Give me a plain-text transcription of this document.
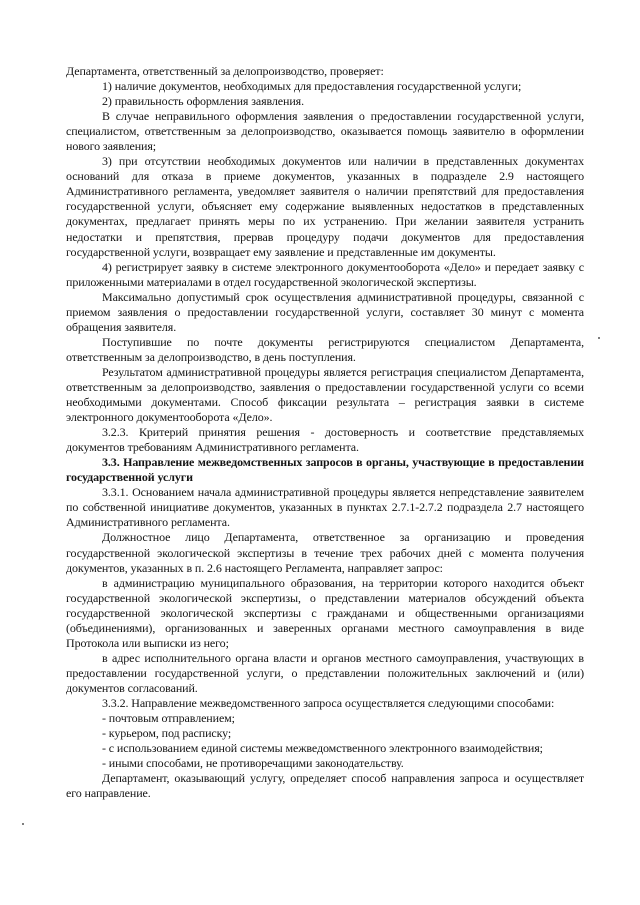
Департамента, ответственный за делопроизводство, проверяет:

1) наличие документов, необходимых для предоставления государственной услуги;

2) правильность оформления заявления.

В случае неправильного оформления заявления о предоставлении государственной услуги, специалистом, ответственным за делопроизводство, оказывается помощь заявителю в оформлении нового заявления;

3) при отсутствии необходимых документов или наличии в представленных документах оснований для отказа в приеме документов, указанных в подразделе 2.9 настоящего Административного регламента, уведомляет заявителя о наличии препятствий для предоставления государственной услуги, объясняет ему содержание выявленных недостатков в представленных документах, предлагает принять меры по их устранению. При желании заявителя устранить недостатки и препятствия, прервав процедуру подачи документов для предоставления государственной услуги, возвращает ему заявление и представленные им документы.

4) регистрирует заявку в системе электронного документооборота «Дело» и передает заявку с приложенными материалами в отдел государственной экологической экспертизы.

Максимально допустимый срок осуществления административной процедуры, связанной с приемом заявления о предоставлении государственной услуги, составляет 30 минут с момента обращения заявителя.

Поступившие по почте документы регистрируются специалистом Департамента, ответственным за делопроизводство, в день поступления.

Результатом административной процедуры является регистрация специалистом Департамента, ответственным за делопроизводство, заявления о предоставлении государственной услуги со всеми необходимыми документами. Способ фиксации результата – регистрация заявки в системе электронного документооборота «Дело».

3.2.3. Критерий принятия решения - достоверность и соответствие представляемых документов требованиям Административного регламента.

3.3. Направление межведомственных запросов в органы, участвующие в предоставлении государственной услуги

3.3.1. Основанием начала административной процедуры является непредставление заявителем по собственной инициативе документов, указанных в пунктах 2.7.1-2.7.2 подраздела 2.7 настоящего Административного регламента.

Должностное лицо Департамента, ответственное за организацию и проведения государственной экологической экспертизы в течение трех рабочих дней с момента получения документов, указанных в п. 2.6 настоящего Регламента, направляет запрос:

в администрацию муниципального образования, на территории которого находится объект государственной экологической экспертизы, о представлении материалов обсуждений объекта государственной экологической экспертизы с гражданами и общественными организациями (объединениями), организованных и заверенных органами местного самоуправления в виде Протокола или выписки из него;

в адрес исполнительного органа власти и органов местного самоуправления, участвующих в предоставлении государственной услуги, о представлении положительных заключений и (или) документов согласований.

3.3.2. Направление межведомственного запроса осуществляется следующими способами:

- почтовым отправлением;

- курьером, под расписку;

- с использованием единой системы межведомственного электронного взаимодействия;

- иными способами, не противоречащими законодательству.

Департамент, оказывающий услугу, определяет способ направления запроса и осуществляет его направление.
